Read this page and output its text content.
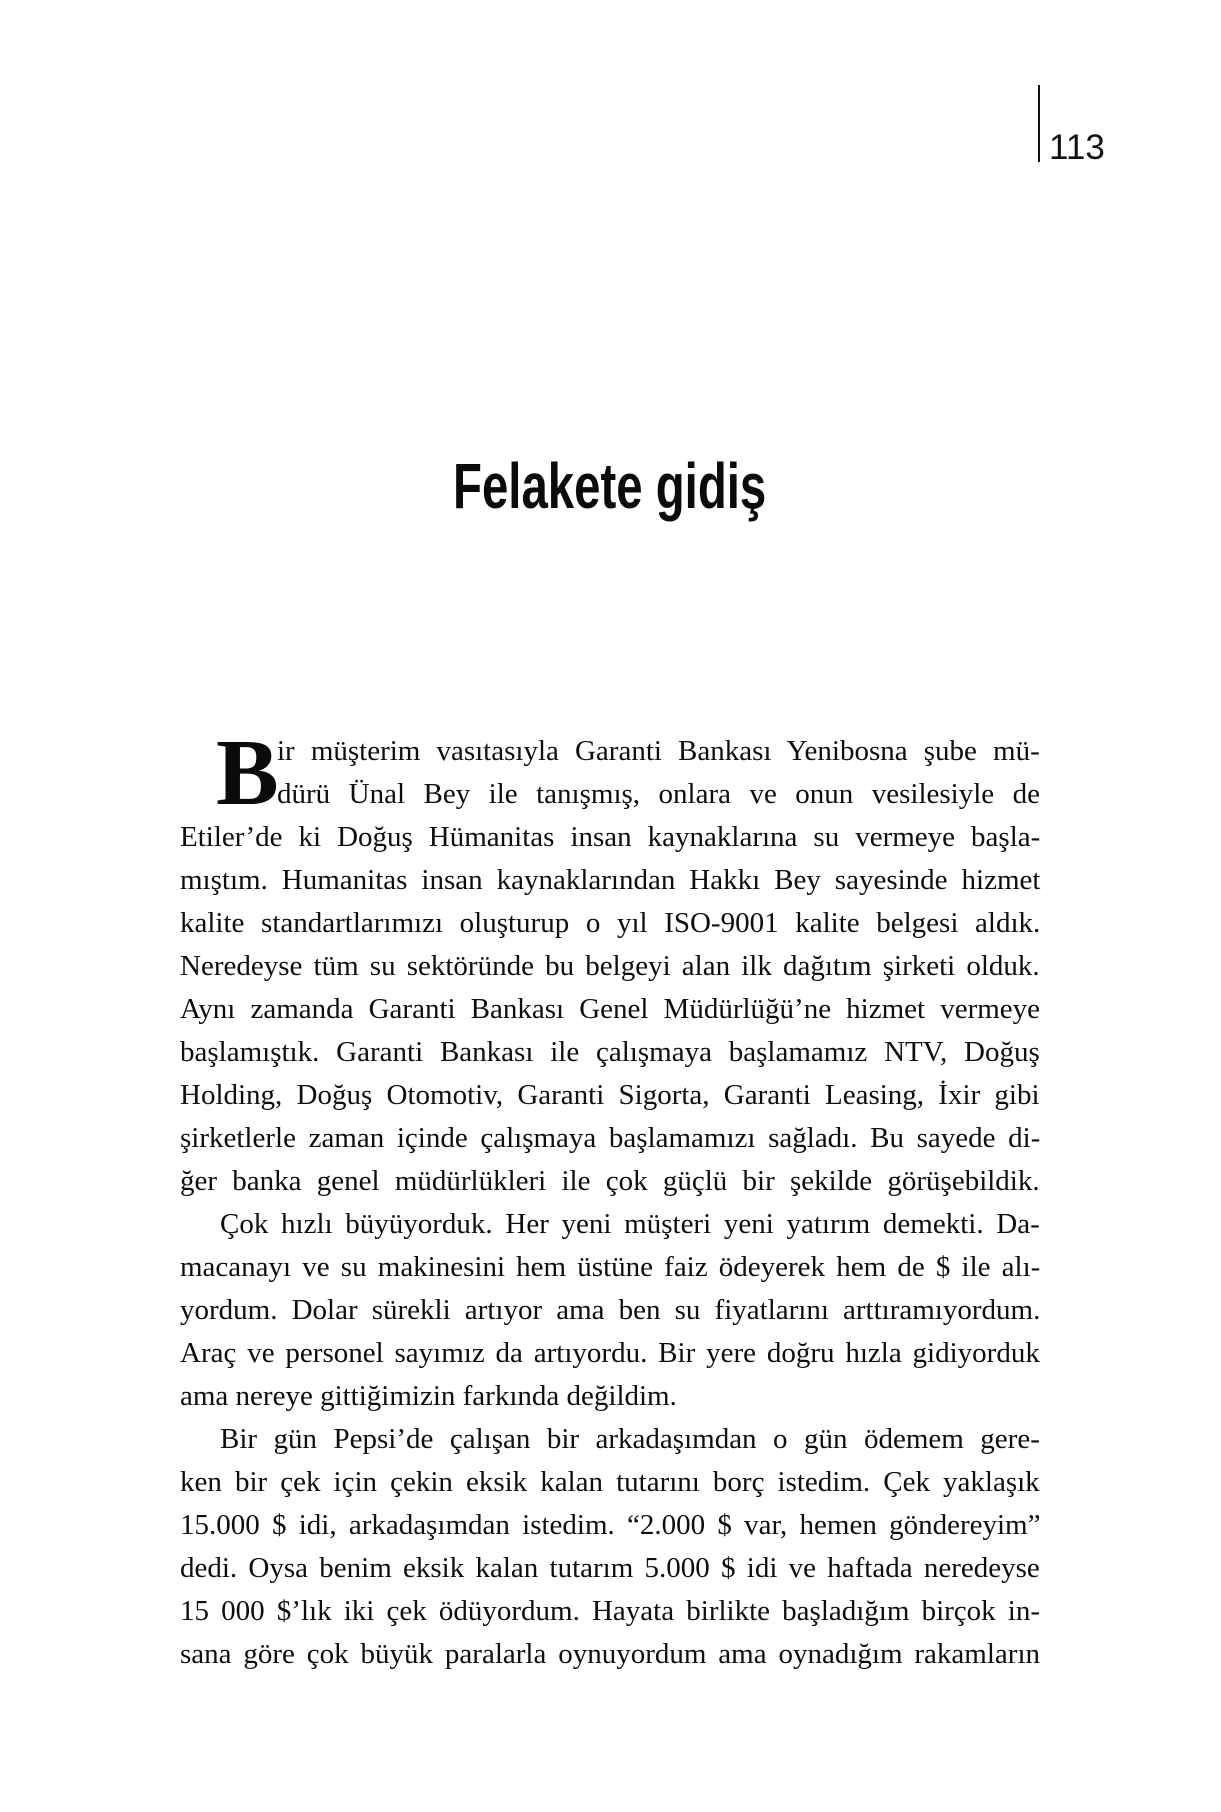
113
Felakete gidiş
B
ir müşterim vasıtasıyla Garanti Bankası Yenibosna şube mü-
dürü Ünal Bey ile tanışmış, onlara ve onun vesilesiyle de
Etiler’de ki Doğuş Hümanitas insan kaynaklarına su vermeye başla-
mıştım. Humanitas insan kaynaklarından Hakkı Bey sayesinde hizmet
kalite standartlarımızı oluşturup o yıl ISO-9001 kalite belgesi aldık.
Neredeyse tüm su sektöründe bu belgeyi alan ilk dağıtım şirketi olduk.
Aynı zamanda Garanti Bankası Genel Müdürlüğü’ne hizmet vermeye
başlamıştık. Garanti Bankası ile çalışmaya başlamamız NTV, Doğuş
Holding, Doğuş Otomotiv, Garanti Sigorta, Garanti Leasing, İxir gibi
şirketlerle zaman içinde çalışmaya başlamamızı sağladı. Bu sayede di-
ğer banka genel müdürlükleri ile çok güçlü bir şekilde görüşebildik.
Çok hızlı büyüyorduk. Her yeni müşteri yeni yatırım demekti. Da-
macanayı ve su makinesini hem üstüne faiz ödeyerek hem de $ ile alı-
yordum. Dolar sürekli artıyor ama ben su fiyatlarını arttıramıyordum.
Araç ve personel sayımız da artıyordu. Bir yere doğru hızla gidiyorduk
ama nereye gittiğimizin farkında değildim.
Bir gün Pepsi’de çalışan bir arkadaşımdan o gün ödemem gere-
ken bir çek için çekin eksik kalan tutarını borç istedim. Çek yaklaşık
15.000 $ idi, arkadaşımdan istedim. “2.000 $ var, hemen göndereyim”
dedi. Oysa benim eksik kalan tutarım 5.000 $ idi ve haftada neredeyse
15 000 $’lık iki çek ödüyordum. Hayata birlikte başladığım birçok in-
sana göre çok büyük paralarla oynuyordum ama oynadığım rakamların
